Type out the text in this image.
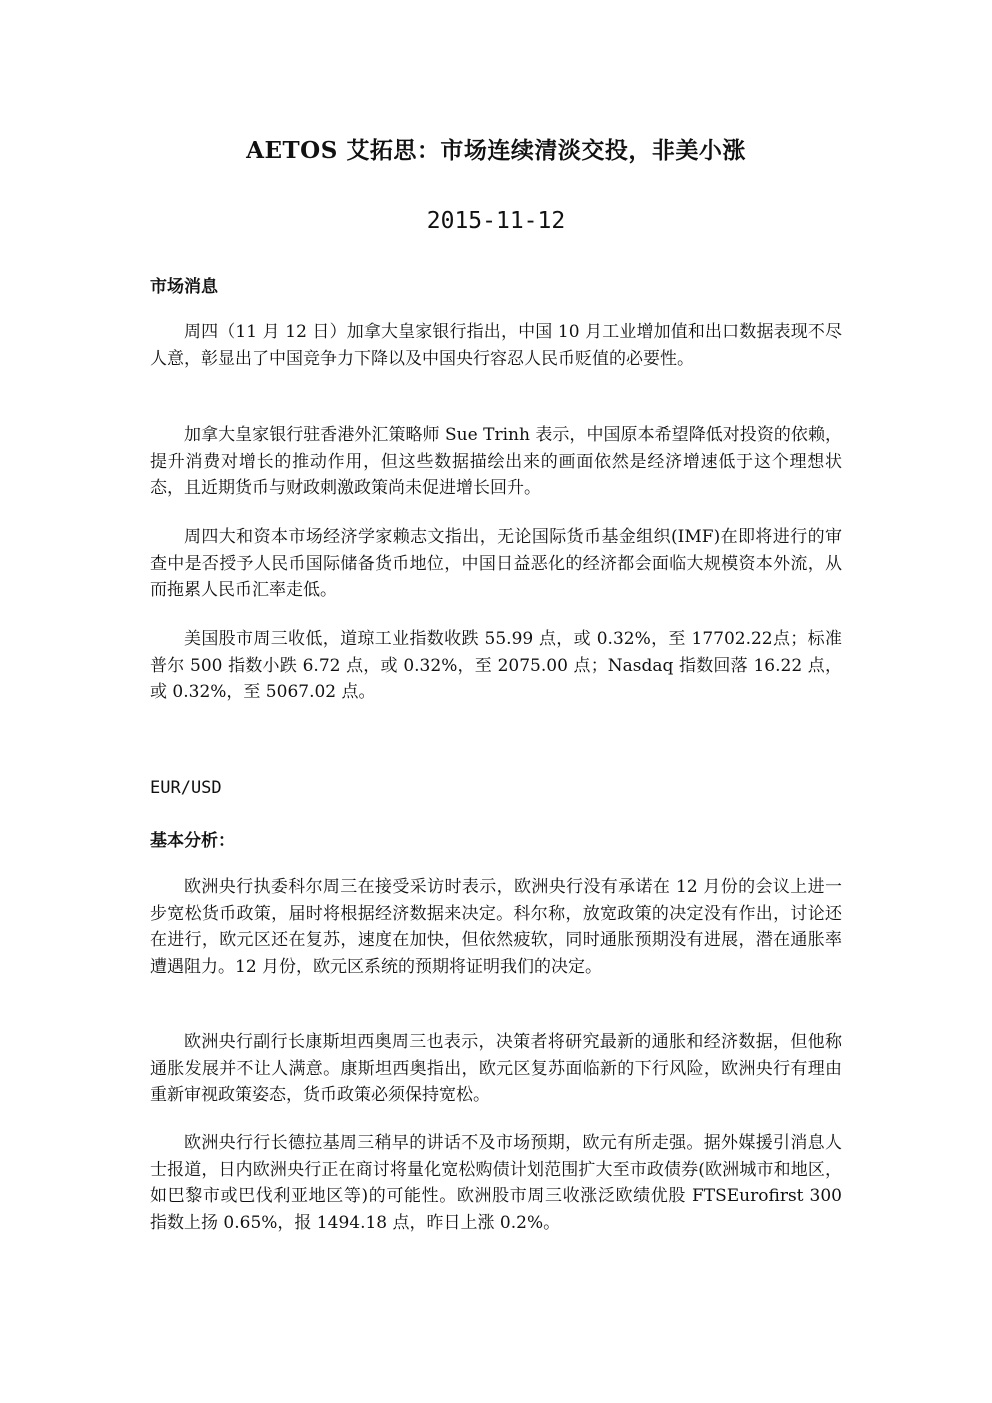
AETOS 艾拓思：市场连续清淡交投，非美小涨
2015-11-12
市场消息

周四（11 月 12 日）加拿大皇家银行指出，中国 10 月工业增加值和出口数据表现不尽人意，彰显出了中国竞争力下降以及中国央行容忍人民币贬值的必要性。

加拿大皇家银行驻香港外汇策略师 Sue Trinh 表示，中国原本希望降低对投资的依赖，提升消费对增长的推动作用，但这些数据描绘出来的画面依然是经济增速低于这个理想状态，且近期货币与财政刺激政策尚未促进增长回升。

周四大和资本市场经济学家赖志文指出，无论国际货币基金组织(IMF)在即将进行的审查中是否授予人民币国际储备货币地位，中国日益恶化的经济都会面临大规模资本外流，从而拖累人民币汇率走低。

美国股市周三收低，道琼工业指数收跌 55.99 点，或 0.32%，至 17702.22点；标准普尔 500 指数小跌 6.72 点，或 0.32%，至 2075.00 点；Nasdaq 指数回落 16.22 点，或 0.32%，至 5067.02 点。

EUR/USD
基本分析：

欧洲央行执委科尔周三在接受采访时表示，欧洲央行没有承诺在 12 月份的会议上进一步宽松货币政策，届时将根据经济数据来决定。科尔称，放宽政策的决定没有作出，讨论还在进行，欧元区还在复苏，速度在加快，但依然疲软，同时通胀预期没有进展，潜在通胀率遭遇阻力。12 月份，欧元区系统的预期将证明我们的决定。

欧洲央行副行长康斯坦西奥周三也表示，决策者将研究最新的通胀和经济数据，但他称通胀发展并不让人满意。康斯坦西奥指出，欧元区复苏面临新的下行风险，欧洲央行有理由重新审视政策姿态，货币政策必须保持宽松。

欧洲央行行长德拉基周三稍早的讲话不及市场预期，欧元有所走强。据外媒援引消息人士报道，日内欧洲央行正在商讨将量化宽松购债计划范围扩大至市政债券(欧洲城市和地区，如巴黎市或巴伐利亚地区等)的可能性。欧洲股市周三收涨泛欧绩优股 FTSEurofirst 300 指数上扬 0.65%，报 1494.18 点，昨日上涨 0.2%。
